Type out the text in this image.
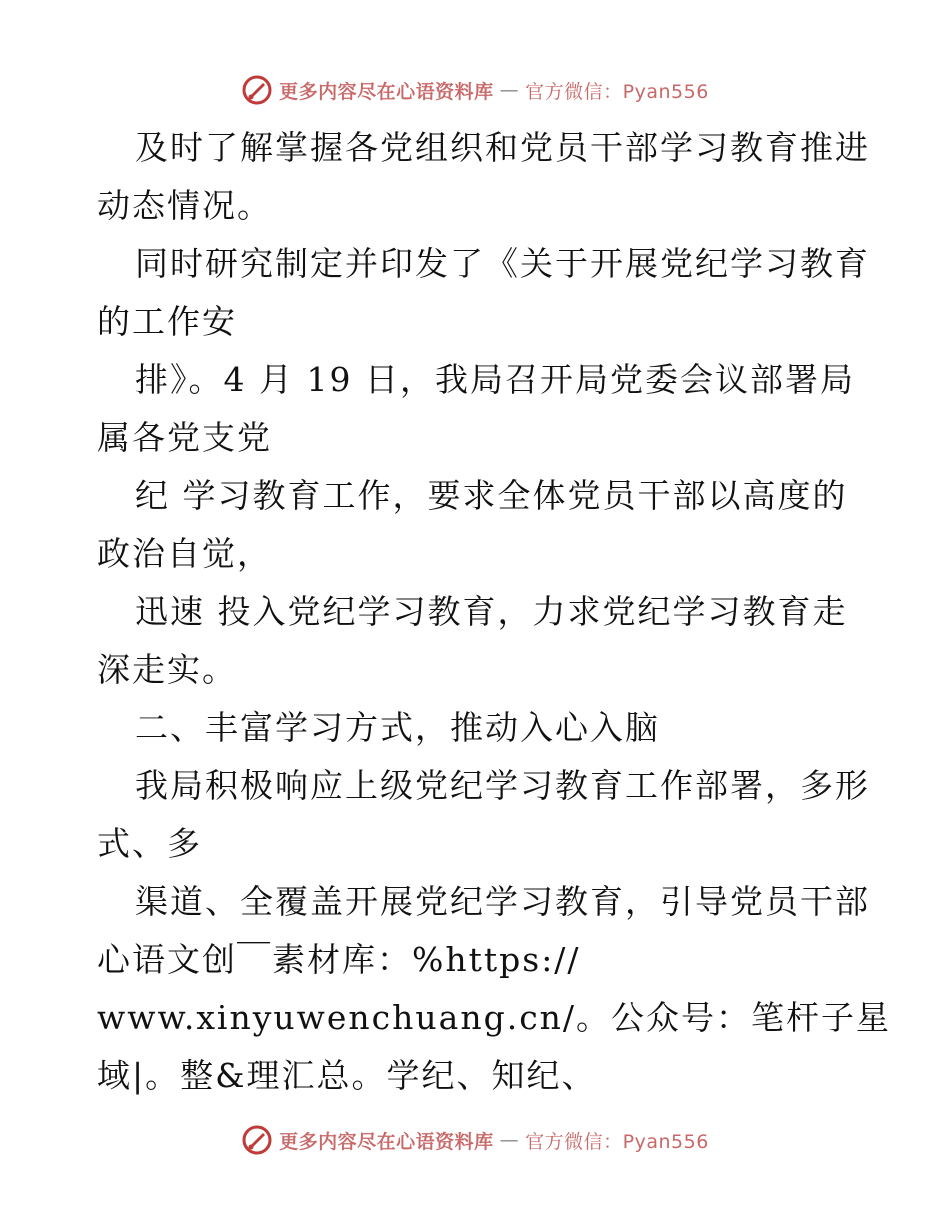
更多内容尽在心语资料库 — 官方微信：Pyan556
及时了解掌握各党组织和党员干部学习教育推进
动态情况。
同时研究制定并印发了《关于开展党纪学习教育
的工作安
排》。4 月 19 日，我局召开局党委会议部署局
属各党支党
纪 学习教育工作，要求全体党员干部以高度的
政治自觉，
迅速 投入党纪学习教育，力求党纪学习教育走
深走实。
二、丰富学习方式，推动入心入脑
我局积极响应上级党纪学习教育工作部署，多形
式、多
渠道、全覆盖开展党纪学习教育，引导党员干部
心语文创￣素材库：%https://
www.xinyuwenchuang.cn/。公众号：笔杆子星
域|。整&理汇总。学纪、知纪、
更多内容尽在心语资料库 — 官方微信：Pyan556
